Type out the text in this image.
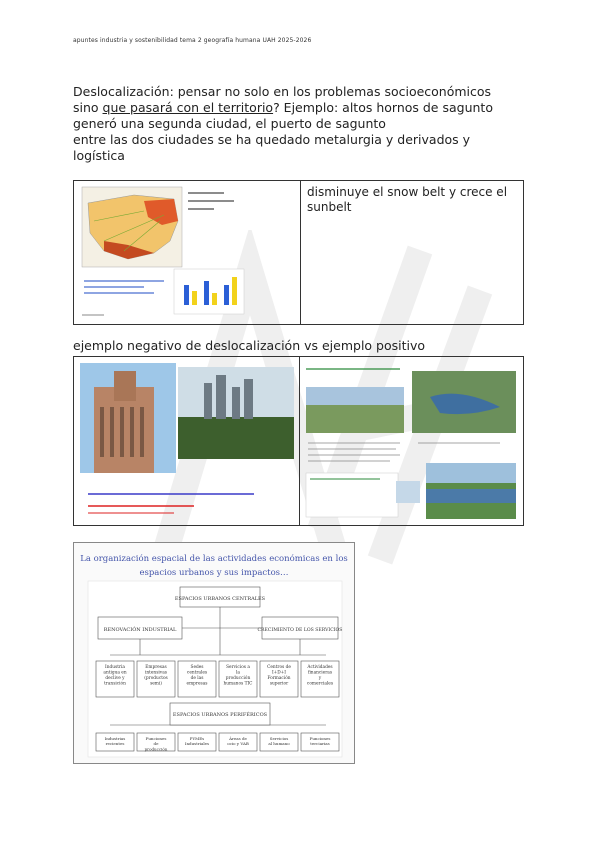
apuntes industria y sostenibilidad tema 2 geografía humana UAH 2025-2026
Deslocalización: pensar no solo en los problemas socioeconómicos
sino que pasará con el territorio? Ejemplo: altos hornos de sagunto
generó una segunda ciudad, el puerto de sagunto
entre las dos ciudades se ha quedado metalurgia y derivados y
logística
disminuye el snow belt y crece el sunbelt
ejemplo negativo de deslocalización vs ejemplo positivo
La organización espacial de las actividades económicas en los
espacios urbanos y sus impactos…
ESPACIOS URBANOS CENTRALES
RENOVACIÓN INDUSTRIAL	CRECIMIENTO DE LOS SERVICIOS
Industria
antigua en
declive y
transición
Empresas
intensivas
(productos
semi)
Sedes
centrales
de las
empresas
Servicios a
la
producción
humanos TIC
Centros de
I+D+I
Formación
superior
Actividades
financieras
y
comerciales
ESPACIOS URBANOS PERIFÉRICOS
Industrias
recientes
Funciones
de
producción
PYMEs
Industriales
Áreas de
ocio y VAB
Servicios
al humano
Funciones
terciarias
